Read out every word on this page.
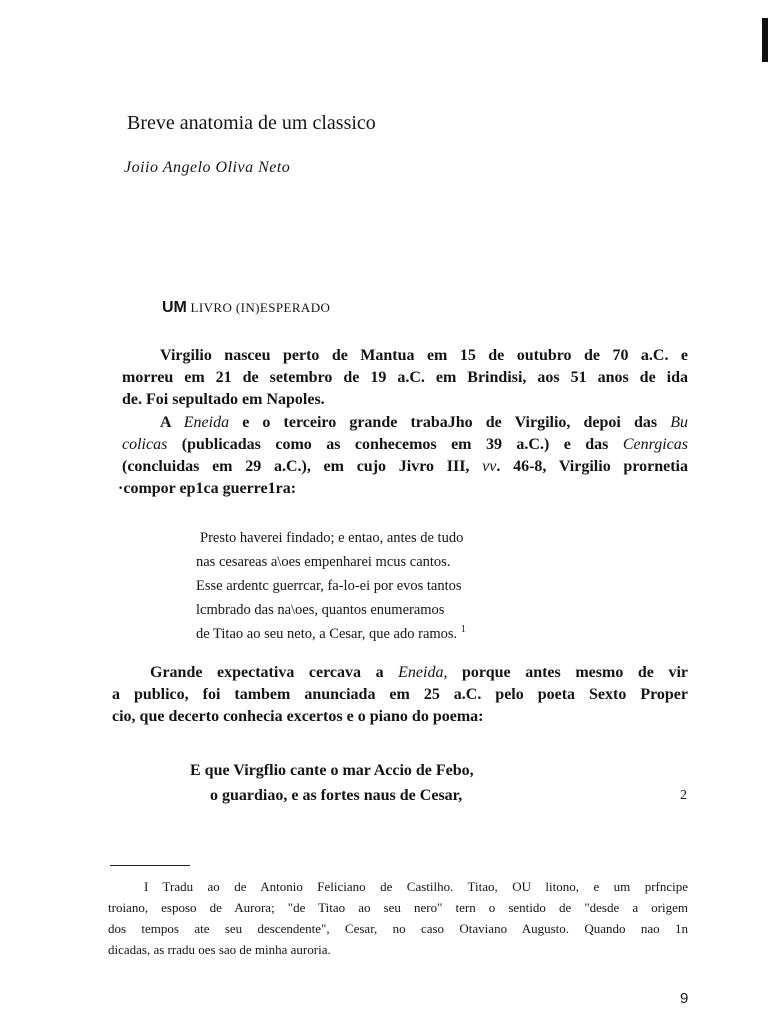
Breve anatomia de um classico
Joiio Angelo Oliva Neto
UM LIVRO (IN)ESPERADO
Virgilio nasceu perto de Mantua em 15 de outubro de 70 a.C. e
morreu em 21 de setembro de 19 a.C. em Brindisi, aos 51 anos de ida
de. Foi sepultado em Napoles.
A Eneida e o terceiro grande trabaJho de Virgilio, depoi das Bu
colicas (publicadas como as conhecemos em 39 a.C.) e das Cenrgicas
(concluidas em 29 a.C.), em cujo Jivro III, vv. 46-8, Virgilio prornetia
·compor ep1ca guerre1ra:
Presto haverei findado; e entao, antes de tudo
nas cesareas a\oes empenharei mcus cantos.
Esse ardentc guerrcar, fa-lo-ei por evos tantos
lcmbrado das na\oes, quantos enumeramos
de Titao ao seu neto, a Cesar, que ado ramos. $^1$
Grande expectativa cercava a Eneida, porque antes mesmo de vir
a publico, foi tambem anunciada em 25 a.C. pelo poeta Sexto Proper
cio, que decerto conhecia excertos e o piano do poema:
E que Virgflio cante o mar Accio de Febo,
o guardiao, e as fortes naus de Cesar,	2
I Tradu ao de Antonio Feliciano de Castilho. Titao, OU litono, e um prfncipe
troiano, esposo de Aurora; "de Titao ao seu nero" tern o sentido de "desde a origem
dos tempos ate seu descendente", Cesar, no caso Otaviano Augusto. Quando nao 1n
dicadas, as rradu oes sao de minha auroria.
9
